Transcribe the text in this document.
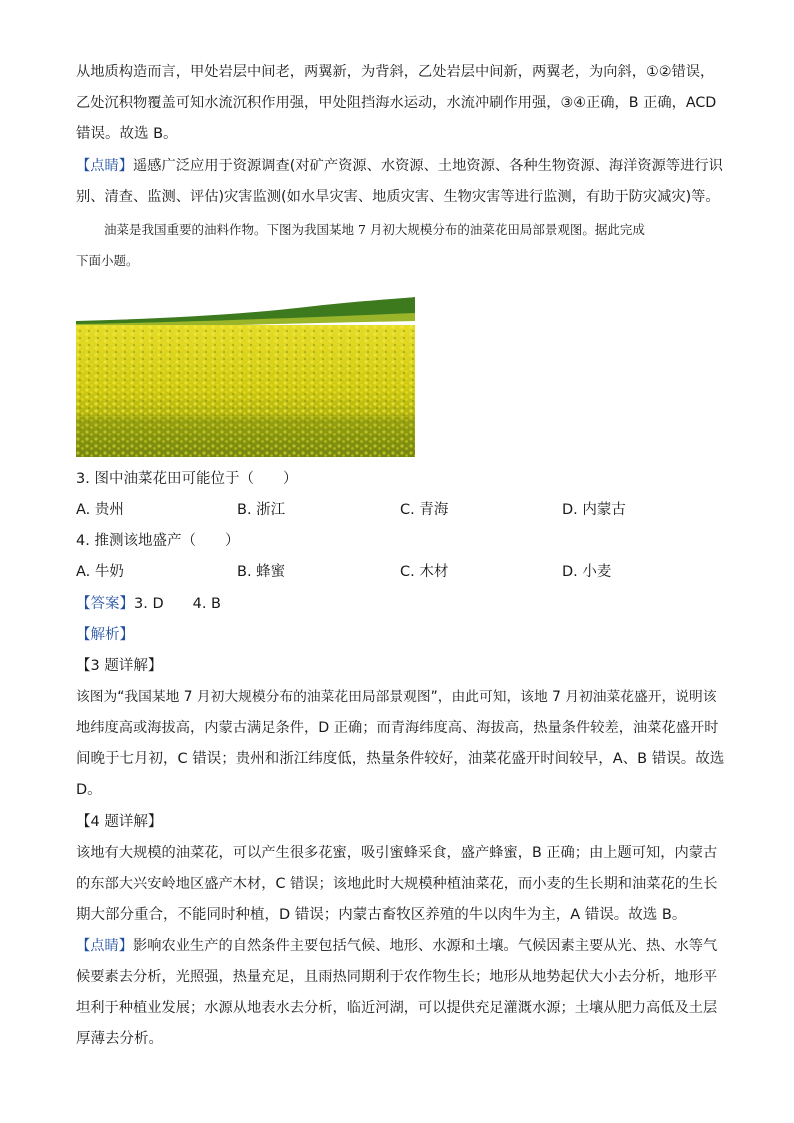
从地质构造而言，甲处岩层中间老，两翼新，为背斜，乙处岩层中间新，两翼老，为向斜，①②错误，
乙处沉积物覆盖可知水流沉积作用强，甲处阻挡海水运动，水流冲刷作用强，③④正确，B 正确，ACD
错误。故选 B。
【点睛】遥感广泛应用于资源调查(对矿产资源、水资源、土地资源、各种生物资源、海洋资源等进行识
别、清查、监测、评估)灾害监测(如水旱灾害、地质灾害、生物灾害等进行监测，有助于防灾减灾)等。
油菜是我国重要的油料作物。下图为我国某地 7 月初大规模分布的油菜花田局部景观图。据此完成
下面小题。
3. 图中油菜花田可能位于（　　）
A. 贵州	B. 浙江	C. 青海	D. 内蒙古
4. 推测该地盛产（　　）
A. 牛奶	B. 蜂蜜	C. 木材	D. 小麦
【答案】3. D　　4. B
【解析】
【3 题详解】
该图为“我国某地 7 月初大规模分布的油菜花田局部景观图”，由此可知，该地 7 月初油菜花盛开，说明该
地纬度高或海拔高，内蒙古满足条件，D 正确；而青海纬度高、海拔高，热量条件较差，油菜花盛开时
间晚于七月初，C 错误；贵州和浙江纬度低，热量条件较好，油菜花盛开时间较早，A、B 错误。故选
D。
【4 题详解】
该地有大规模的油菜花，可以产生很多花蜜，吸引蜜蜂采食，盛产蜂蜜，B 正确；由上题可知，内蒙古
的东部大兴安岭地区盛产木材，C 错误；该地此时大规模种植油菜花，而小麦的生长期和油菜花的生长
期大部分重合，不能同时种植，D 错误；内蒙古畜牧区养殖的牛以肉牛为主，A 错误。故选 B。
【点睛】影响农业生产的自然条件主要包括气候、地形、水源和土壤。气候因素主要从光、热、水等气
候要素去分析，光照强，热量充足，且雨热同期利于农作物生长；地形从地势起伏大小去分析，地形平
坦利于种植业发展；水源从地表水去分析，临近河湖，可以提供充足灌溉水源；土壤从肥力高低及土层
厚薄去分析。
